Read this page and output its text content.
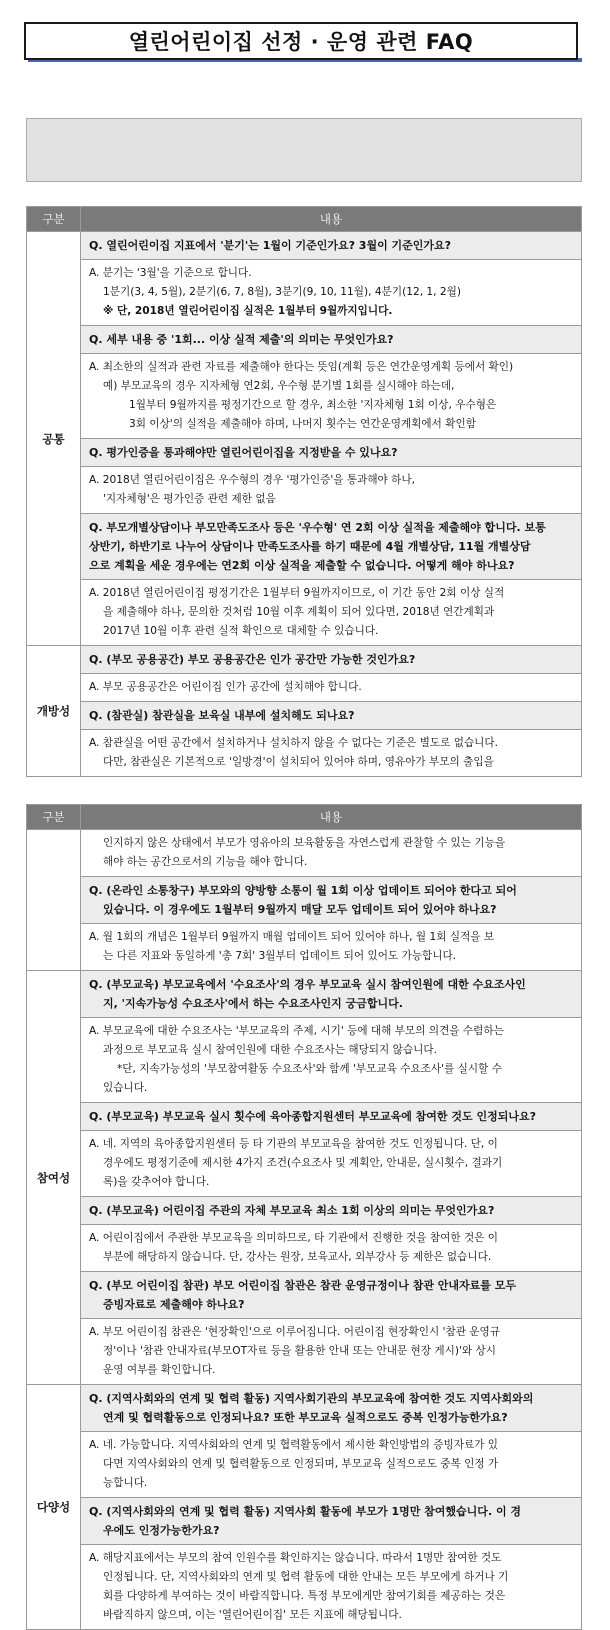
열린어린이집 선정 · 운영 관련 FAQ
구분	내용
공통	Q. 열린어린이집 지표에서 '분기'는 1월이 기준인가요? 3월이 기준인가요?

	A. 분기는 '3월'을 기준으로 합니다.
1분기(3, 4, 5월), 2분기(6, 7, 8월), 3분기(9, 10, 11월), 4분기(12, 1, 2월)
※ 단, 2018년 열린어린이집 실적은 1월부터 9월까지입니다.

	Q. 세부 내용 중 '1회... 이상 실적 제출'의 의미는 무엇인가요?

	A. 최소한의 실적과 관련 자료를 제출해야 한다는 뜻임(계획 등은 연간운영계획 등에서 확인)
예) 부모교육의 경우 지자체형 연2회, 우수형 분기별 1회를 실시해야 하는데,
1월부터 9월까지를 평정기간으로 할 경우, 최소한 '지자체형 1회 이상, 우수형은
3회 이상'의 실적을 제출해야 하며, 나머지 횟수는 연간운영계획에서 확인함

	Q. 평가인증을 통과해야만 열린어린이집을 지정받을 수 있나요?

	A. 2018년 열린어린이집은 우수형의 경우 '평가인증'을 통과해야 하나,
'지자체형'은 평가인증 관련 제한 없음

	Q. 부모개별상담이나 부모만족도조사 등은 '우수형' 연 2회 이상 실적을 제출해야 합니다. 보통
상반기, 하반기로 나누어 상담이나 만족도조사를 하기 때문에 4월 개별상담, 11월 개별상담
으로 계획을 세운 경우에는 연2회 이상 실적을 제출할 수 없습니다. 어떻게 해야 하나요?

	A. 2018년 열린어린이집 평정기간은 1월부터 9월까지이므로, 이 기간 동안 2회 이상 실적
을 제출해야 하나, 문의한 것처럼 10월 이후 계획이 되어 있다면, 2018년 연간계획과
2017년 10월 이후 관련 실적 확인으로 대체할 수 있습니다.

개방성	Q. (부모 공용공간) 부모 공용공간은 인가 공간만 가능한 것인가요?

	A. 부모 공용공간은 어린이집 인가 공간에 설치해야 합니다.

	Q. (참관실) 참관실을 보육실 내부에 설치해도 되나요?

	A. 참관실을 어떤 공간에서 설치하거나 설치하지 않을 수 없다는 기준은 별도로 없습니다.
다만, 참관실은 기본적으로 '일방경'이 설치되어 있어야 하며, 영유아가 부모의 출입을
구분	내용

	인지하지 않은 상태에서 부모가 영유아의 보육활동을 자연스럽게 관찰할 수 있는 기능을
해야 하는 공간으로서의 기능을 해야 합니다.

	Q. (온라인 소통창구) 부모와의 양방향 소통이 월 1회 이상 업데이트 되어야 한다고 되어
있습니다. 이 경우에도 1월부터 9월까지 매달 모두 업데이트 되어 있어야 하나요?

	A. 월 1회의 개념은 1월부터 9월까지 매월 업데이트 되어 있어야 하나, 월 1회 실적을 보
는 다른 지표와 동일하게 '총 7회' 3월부터 업데이트 되어 있어도 가능합니다.

참여성	Q. (부모교육) 부모교육에서 '수요조사'의 경우 부모교육 실시 참여인원에 대한 수요조사인
지, '지속가능성 수요조사'에서 하는 수요조사인지 궁금합니다.

	A. 부모교육에 대한 수요조사는 '부모교육의 주제, 시기' 등에 대해 부모의 의견을 수렴하는
과정으로 부모교육 실시 참여인원에 대한 수요조사는 해당되지 않습니다.
*단, 지속가능성의 '부모참여활동 수요조사'와 함께 '부모교육 수요조사'를 실시할 수
있습니다.

	Q. (부모교육) 부모교육 실시 횟수에 육아종합지원센터 부모교육에 참여한 것도 인정되나요?

	A. 네. 지역의 육아종합지원센터 등 타 기관의 부모교육을 참여한 것도 인정됩니다. 단, 이
경우에도 평정기준에 제시한 4가지 조건(수요조사 및 계획안, 안내문, 실시횟수, 결과기
록)을 갖추어야 합니다.

	Q. (부모교육) 어린이집 주관의 자체 부모교육 최소 1회 이상의 의미는 무엇인가요?

	A. 어린이집에서 주관한 부모교육을 의미하므로, 타 기관에서 진행한 것을 참여한 것은 이
부분에 해당하지 않습니다. 단, 강사는 원장, 보육교사, 외부강사 등 제한은 없습니다.

	Q. (부모 어린이집 참관) 부모 어린이집 참관은 참관 운영규정이나 참관 안내자료를 모두
증빙자료로 제출해야 하나요?

	A. 부모 어린이집 참관은 '현장확인'으로 이루어집니다. 어린이집 현장확인시 '참관 운영규
정'이나 '참관 안내자료(부모OT자료 등을 활용한 안내 또는 안내문 현장 게시)'와 상시
운영 여부를 확인합니다.

다양성	Q. (지역사회와의 연계 및 협력 활동) 지역사회기관의 부모교육에 참여한 것도 지역사회와의
연계 및 협력활동으로 인정되나요? 또한 부모교육 실적으로도 중복 인정가능한가요?

	A. 네. 가능합니다. 지역사회와의 연계 및 협력활동에서 제시한 확인방법의 증빙자료가 있
다면 지역사회와의 연계 및 협력활동으로 인정되며, 부모교육 실적으로도 중복 인정 가
능합니다.

	Q. (지역사회와의 연계 및 협력 활동) 지역사회 활동에 부모가 1명만 참여했습니다. 이 경
우에도 인정가능한가요?

	A. 해당지표에서는 부모의 참여 인원수를 확인하지는 않습니다. 따라서 1명만 참여한 것도
인정됩니다. 단, 지역사회와의 연계 및 협력 활동에 대한 안내는 모든 부모에게 하거나 기
회를 다양하게 부여하는 것이 바람직합니다. 특정 부모에게만 참여기회를 제공하는 것은
바람직하지 않으며, 이는 '열린어린이집' 모든 지표에 해당됩니다.
